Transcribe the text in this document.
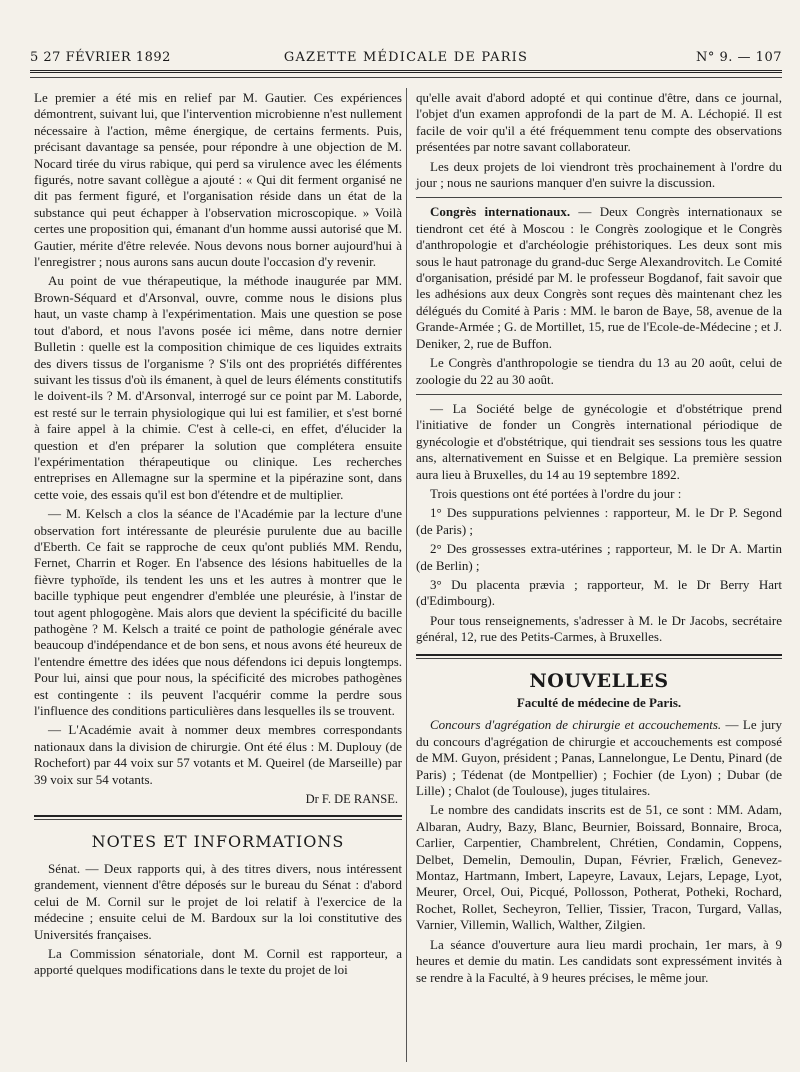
5 27 FÉVRIER 1892	GAZETTE MÉDICALE DE PARIS	N° 9. — 107

Le premier a été mis en relief par M. Gautier. Ces expériences démontrent, suivant lui, que l'intervention microbienne n'est nullement nécessaire à l'action, même énergique, de certains ferments. Puis, précisant davantage sa pensée, pour répondre à une objection de M. Nocard tirée du virus rabique, qui perd sa virulence avec les éléments figurés, notre savant collègue a ajouté : « Qui dit ferment organisé ne dit pas ferment figuré, et l'organisation réside dans un état de la substance qui peut échapper à l'observation microscopique. » Voilà certes une proposition qui, émanant d'un homme aussi autorisé que M. Gautier, mérite d'être relevée. Nous devons nous borner aujourd'hui à l'enregistrer ; nous aurons sans aucun doute l'occasion d'y revenir.

Au point de vue thérapeutique, la méthode inaugurée par MM. Brown-Séquard et d'Arsonval, ouvre, comme nous le disions plus haut, un vaste champ à l'expérimentation. Mais une question se pose tout d'abord, et nous l'avons posée ici même, dans notre dernier Bulletin : quelle est la composition chimique de ces liquides extraits des divers tissus de l'organisme ? S'ils ont des propriétés différentes suivant les tissus d'où ils émanent, à quel de leurs éléments constitutifs le doivent-ils ? M. d'Arsonval, interrogé sur ce point par M. Laborde, est resté sur le terrain physiologique qui lui est familier, et s'est borné à faire appel à la chimie. C'est à celle-ci, en effet, d'élucider la question et d'en préparer la solution que complétera ensuite l'expérimentation thérapeutique ou clinique. Les recherches entreprises en Allemagne sur la spermine et la pipérazine sont, dans cette voie, des essais qu'il est bon d'étendre et de multiplier.

— M. Kelsch a clos la séance de l'Académie par la lecture d'une observation fort intéressante de pleurésie purulente due au bacille d'Eberth. Ce fait se rapproche de ceux qu'ont publiés MM. Rendu, Fernet, Charrin et Roger. En l'absence des lésions habituelles de la fièvre typhoïde, ils tendent les uns et les autres à montrer que le bacille typhique peut engendrer d'emblée une pleurésie, à l'instar de tout agent phlogogène. Mais alors que devient la spécificité du bacille pathogène ? M. Kelsch a traité ce point de pathologie générale avec beaucoup d'indépendance et de bon sens, et nous avons été heureux de l'entendre émettre des idées que nous défendons ici depuis longtemps. Pour lui, ainsi que pour nous, la spécificité des microbes pathogènes est contingente : ils peuvent l'acquérir comme la perdre sous l'influence des conditions particulières dans lesquelles ils se trouvent.

— L'Académie avait à nommer deux membres correspondants nationaux dans la division de chirurgie. Ont été élus : M. Duplouy (de Rochefort) par 44 voix sur 57 votants et M. Queirel (de Marseille) par 39 voix sur 54 votants.

Dr F. DE RANSE.
NOTES ET INFORMATIONS

Sénat. — Deux rapports qui, à des titres divers, nous intéressent grandement, viennent d'être déposés sur le bureau du Sénat : d'abord celui de M. Cornil sur le projet de loi relatif à l'exercice de la médecine ; ensuite celui de M. Bardoux sur la loi constitutive des Universités françaises.

La Commission sénatoriale, dont M. Cornil est rapporteur, a apporté quelques modifications dans le texte du projet de loi

qu'elle avait d'abord adopté et qui continue d'être, dans ce journal, l'objet d'un examen approfondi de la part de M. A. Léchopié. Il est facile de voir qu'il a été fréquemment tenu compte des observations présentées par notre savant collaborateur.

Les deux projets de loi viendront très prochainement à l'ordre du jour ; nous ne saurions manquer d'en suivre la discussion.

Congrès internationaux. — Deux Congrès internationaux se tiendront cet été à Moscou : le Congrès zoologique et le Congrès d'anthropologie et d'archéologie préhistoriques. Les deux sont mis sous le haut patronage du grand-duc Serge Alexandrovitch. Le Comité d'organisation, présidé par M. le professeur Bogdanof, fait savoir que les adhésions aux deux Congrès sont reçues dès maintenant chez les délégués du Comité à Paris : MM. le baron de Baye, 58, avenue de la Grande-Armée ; G. de Mortillet, 15, rue de l'Ecole-de-Médecine ; et J. Deniker, 2, rue de Buffon.

Le Congrès d'anthropologie se tiendra du 13 au 20 août, celui de zoologie du 22 au 30 août.

— La Société belge de gynécologie et d'obstétrique prend l'initiative de fonder un Congrès international périodique de gynécologie et d'obstétrique, qui tiendrait ses sessions tous les quatre ans, alternativement en Suisse et en Belgique. La première session aura lieu à Bruxelles, du 14 au 19 septembre 1892.

Trois questions ont été portées à l'ordre du jour :

1° Des suppurations pelviennes : rapporteur, M. le Dr P. Segond (de Paris) ;

2° Des grossesses extra-utérines ; rapporteur, M. le Dr A. Martin (de Berlin) ;

3° Du placenta prævia ; rapporteur, M. le Dr Berry Hart (d'Edimbourg).

Pour tous renseignements, s'adresser à M. le Dr Jacobs, secrétaire général, 12, rue des Petits-Carmes, à Bruxelles.

NOUVELLES
Faculté de médecine de Paris.

Concours d'agrégation de chirurgie et accouchements. — Le jury du concours d'agrégation de chirurgie et accouchements est composé de MM. Guyon, président ; Panas, Lannelongue, Le Dentu, Pinard (de Paris) ; Tédenat (de Montpellier) ; Fochier (de Lyon) ; Dubar (de Lille) ; Chalot (de Toulouse), juges titulaires.

Le nombre des candidats inscrits est de 51, ce sont : MM. Adam, Albaran, Audry, Bazy, Blanc, Beurnier, Boissard, Bonnaire, Broca, Carlier, Carpentier, Chambrelent, Chrétien, Condamin, Coppens, Delbet, Demelin, Demoulin, Dupan, Février, Frælich, Genevez-Montaz, Hartmann, Imbert, Lapeyre, Lavaux, Lejars, Lepage, Lyot, Meurer, Orcel, Oui, Picqué, Pollosson, Potherat, Potheki, Rochard, Rochet, Rollet, Secheyron, Tellier, Tissier, Tracon, Turgard, Vallas, Varnier, Villemin, Wallich, Walther, Zilgien.

La séance d'ouverture aura lieu mardi prochain, 1er mars, à 9 heures et demie du matin. Les candidats sont expressément invités à se rendre à la Faculté, à 9 heures précises, le même jour.
